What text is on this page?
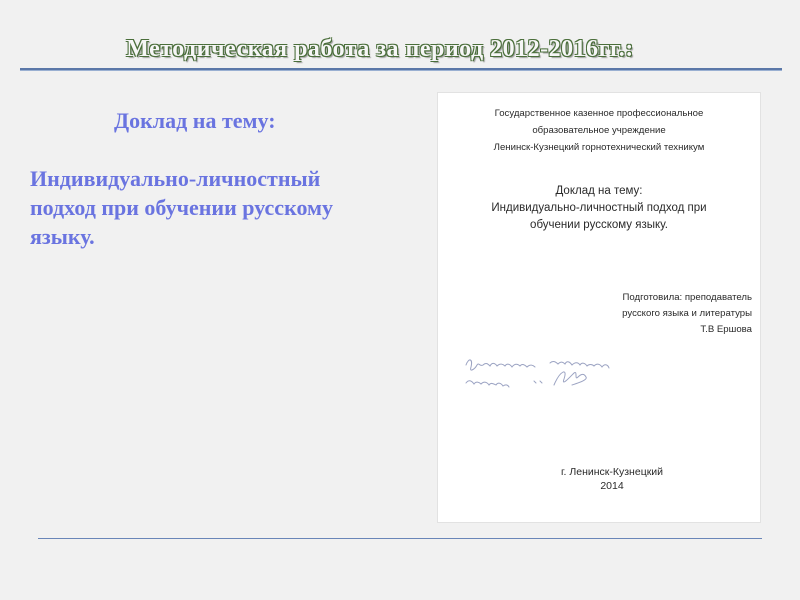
Методическая работа за период 2012-2016гг.:
Доклад на тему:
Индивидуально-личностный
подход при обучении русскому
языку.
Государственное казенное профессиональное
образовательное учреждение
Ленинск-Кузнецкий горнотехнический техникум
Доклад на тему:
Индивидуально-личностный подход при
обучении русскому языку.
Подготовила: преподаватель
русского языка и литературы
Т.В Ершова
г. Ленинск-Кузнецкий
2014
